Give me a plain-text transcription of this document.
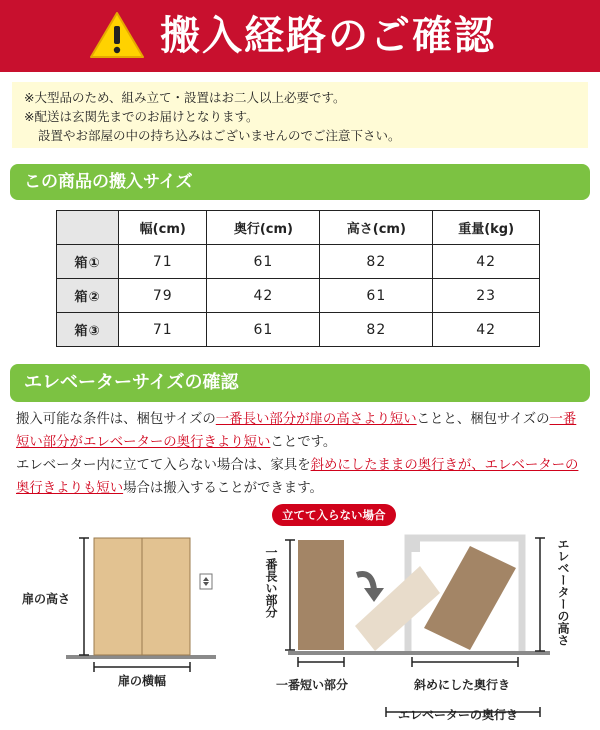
搬入経路のご確認
※大型品のため、組み立て・設置はお二人以上必要です。
※配送は玄関先までのお届けとなります。
設置やお部屋の中の持ち込みはございませんのでご注意下さい。
この商品の搬入サイズ
	幅(cm)	奥行(cm)	高さ(cm)	重量(kg)
箱①	71	61	82	42
箱②	79	42	61	23
箱③	71	61	82	42
エレベーターサイズの確認
搬入可能な条件は、梱包サイズの一番長い部分が扉の高さより短いことと、梱包サイズの一番短い部分がエレベーターの奥行きより短いことです。
エレベーター内に立てて入らない場合は、家具を斜めにしたままの奥行きが、エレベーターの奥行きよりも短い場合は搬入することができます。
扉の高さ
扉の横幅
立てて入らない場合
一番長い部分
一番短い部分	斜めにした奥行き
エレベーターの奥行き
エレベーターの高さ
